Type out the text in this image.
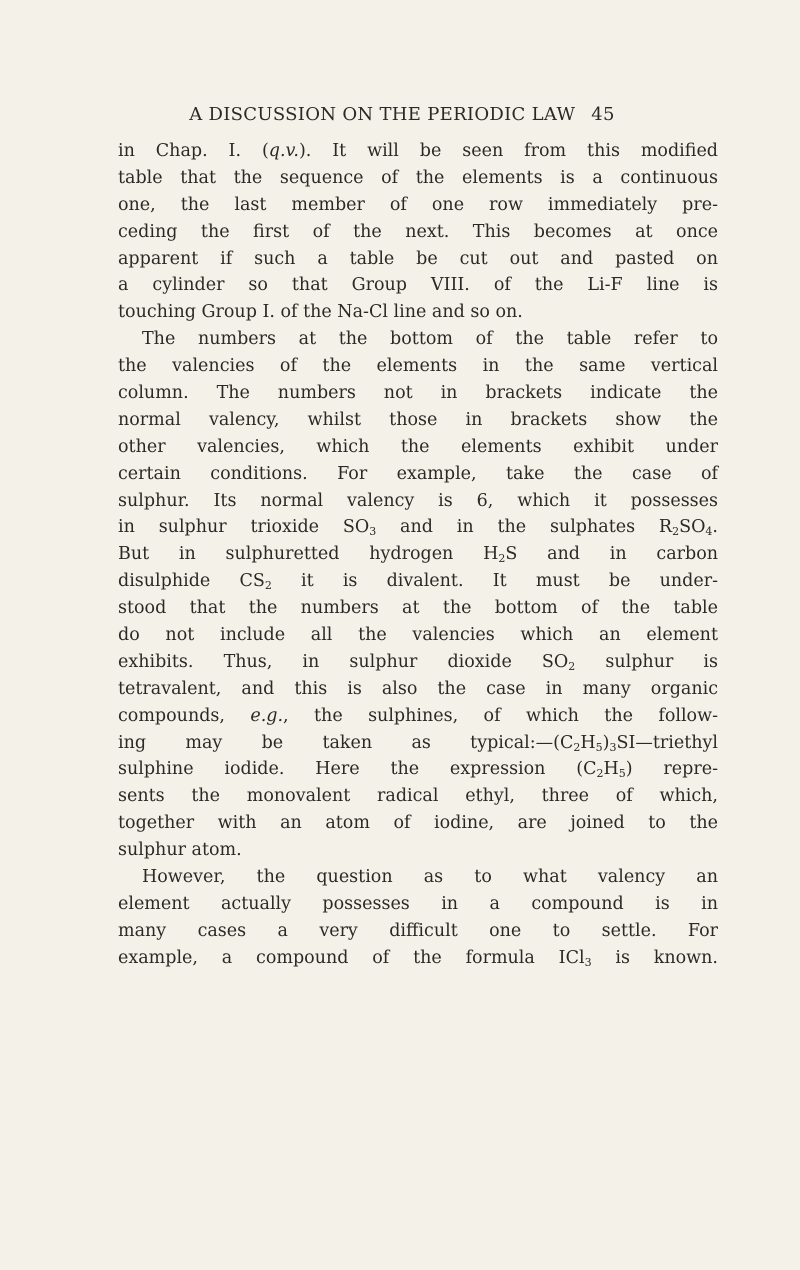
A DISCUSSION ON THE PERIODIC LAW 45
in Chap. I. (q.v.). It will be seen from this modified
table that the sequence of the elements is a continuous
one, the last member of one row immediately pre-
ceding the first of the next. This becomes at once
apparent if such a table be cut out and pasted on
a cylinder so that Group VIII. of the Li-F line is
touching Group I. of the Na-Cl line and so on.
The numbers at the bottom of the table refer to
the valencies of the elements in the same vertical
column. The numbers not in brackets indicate the
normal valency, whilst those in brackets show the
other valencies, which the elements exhibit under
certain conditions. For example, take the case of
sulphur. Its normal valency is 6, which it possesses
in sulphur trioxide $SO_3$ and in the sulphates $R_2SO_4$.
But in sulphuretted hydrogen $H_2S$ and in carbon
disulphide $CS_2$ it is divalent. It must be under-
stood that the numbers at the bottom of the table
do not include all the valencies which an element
exhibits. Thus, in sulphur dioxide $SO_2$ sulphur is
tetravalent, and this is also the case in many organic
compounds, e.g., the sulphines, of which the follow-
ing may be taken as $typical:—(C_2H_5)_3SI—triethyl$
sulphine iodide. Here the expression $(C_2H_5)$ repre-
sents the monovalent radical ethyl, three of which,
together with an atom of iodine, are joined to the
sulphur atom.
However, the question as to what valency an
element actually possesses in a compound is in
many cases a very difficult one to settle. For
example, a compound of the formula ICl$_3$ is known.
